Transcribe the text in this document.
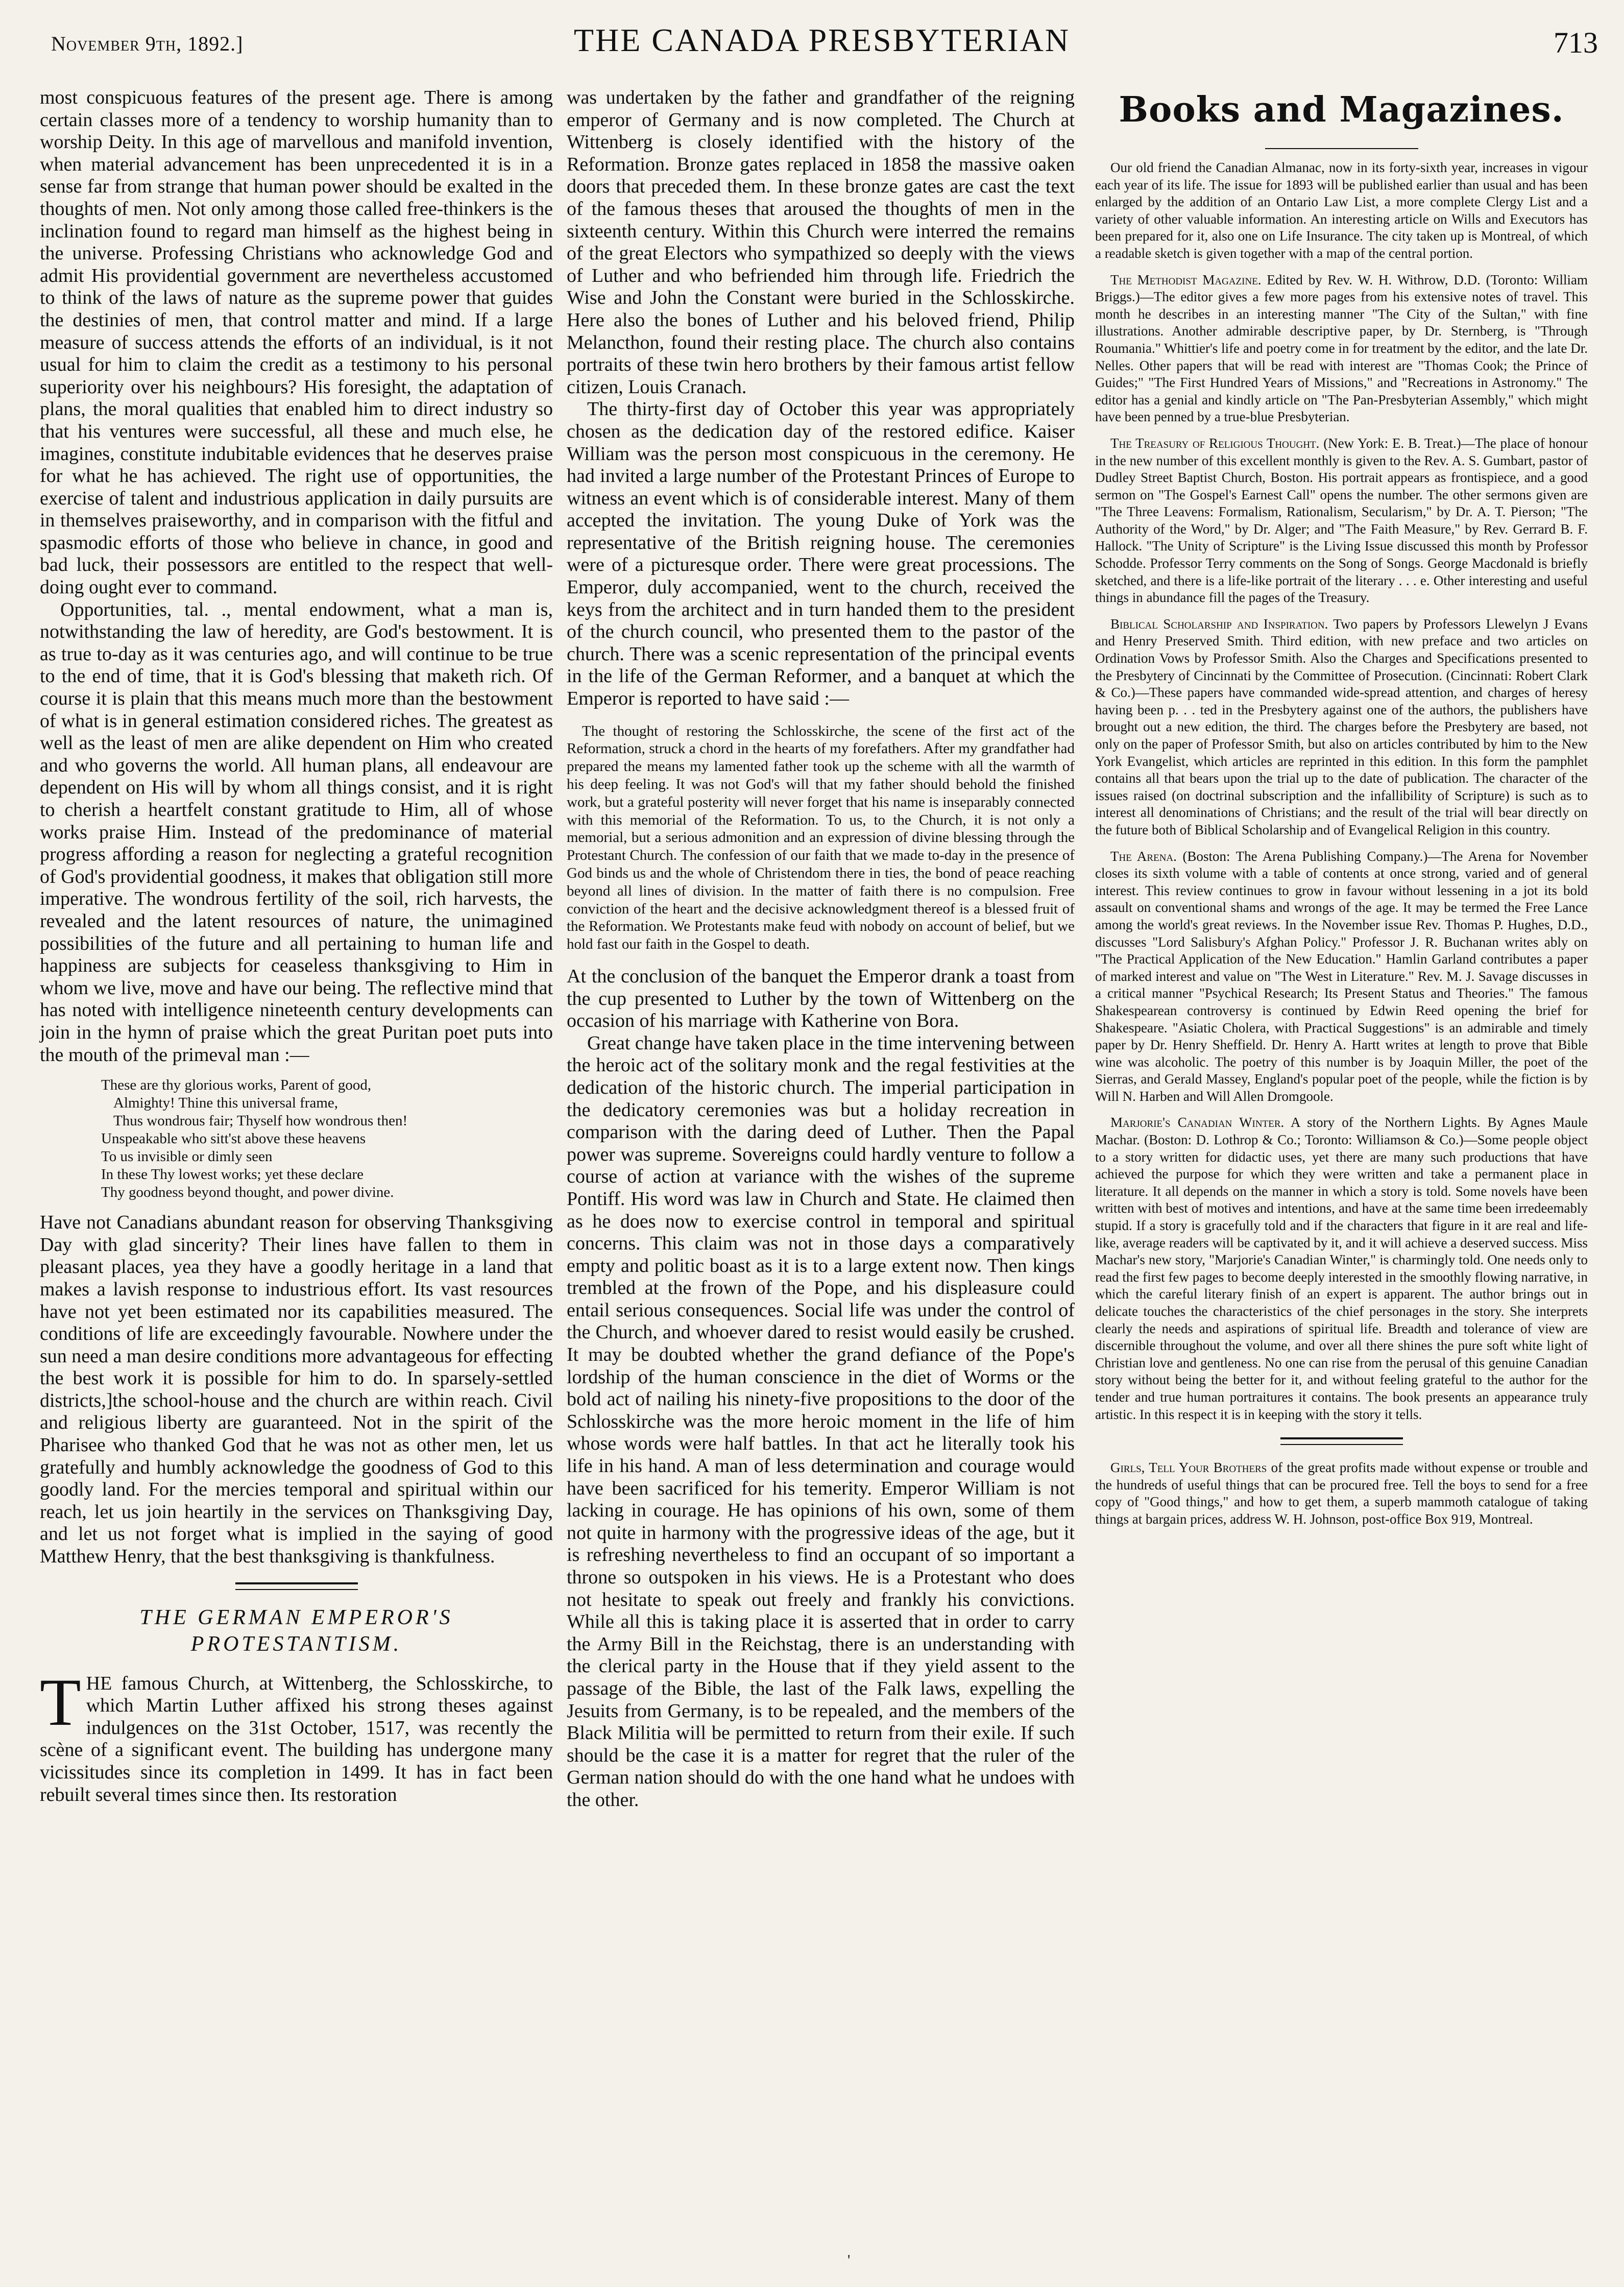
November 9th, 1892.]	THE CANADA PRESBYTERIAN	713

most conspicuous features of the present age. There is among certain classes more of a tendency to worship humanity than to worship Deity. In this age of marvellous and manifold invention, when material advancement has been unprecedented it is in a sense far from strange that human power should be exalted in the thoughts of men. Not only among those called free-thinkers is the inclination found to regard man himself as the highest being in the universe. Professing Christians who acknowledge God and admit His providential government are nevertheless accustomed to think of the laws of nature as the supreme power that guides the destinies of men, that control matter and mind. If a large measure of success attends the efforts of an individual, is it not usual for him to claim the credit as a testimony to his personal superiority over his neighbours? His foresight, the adaptation of plans, the moral qualities that enabled him to direct industry so that his ventures were successful, all these and much else, he imagines, constitute indubitable evidences that he deserves praise for what he has achieved. The right use of opportunities, the exercise of talent and industrious application in daily pursuits are in themselves praiseworthy, and in comparison with the fitful and spasmodic efforts of those who believe in chance, in good and bad luck, their possessors are entitled to the respect that well-doing ought ever to command.

Opportunities, tal. ., mental endowment, what a man is, notwithstanding the law of heredity, are God's bestowment. It is as true to-day as it was centuries ago, and will continue to be true to the end of time, that it is God's blessing that maketh rich. Of course it is plain that this means much more than the bestowment of what is in general estimation considered riches. The greatest as well as the least of men are alike dependent on Him who created and who governs the world. All human plans, all endeavour are dependent on His will by whom all things consist, and it is right to cherish a heartfelt constant gratitude to Him, all of whose works praise Him. Instead of the predominance of material progress affording a reason for neglecting a grateful recognition of God's providential goodness, it makes that obligation still more imperative. The wondrous fertility of the soil, rich harvests, the revealed and the latent resources of nature, the unimagined possibilities of the future and all pertaining to human life and happiness are subjects for ceaseless thanksgiving to Him in whom we live, move and have our being. The reflective mind that has noted with intelligence nineteenth century developments can join in the hymn of praise which the great Puritan poet puts into the mouth of the primeval man :—

These are thy glorious works, Parent of good,
Almighty! Thine this universal frame,
Thus wondrous fair; Thyself how wondrous then!
Unspeakable who sitt'st above these heavens
To us invisible or dimly seen
In these Thy lowest works; yet these declare
Thy goodness beyond thought, and power divine.

Have not Canadians abundant reason for observing Thanksgiving Day with glad sincerity? Their lines have fallen to them in pleasant places, yea they have a goodly heritage in a land that makes a lavish response to industrious effort. Its vast resources have not yet been estimated nor its capabilities measured. The conditions of life are exceedingly favourable. Nowhere under the sun need a man desire conditions more advantageous for effecting the best work it is possible for him to do. In sparsely-settled districts,]the school-house and the church are within reach. Civil and religious liberty are guaranteed. Not in the spirit of the Pharisee who thanked God that he was not as other men, let us gratefully and humbly acknowledge the goodness of God to this goodly land. For the mercies temporal and spiritual within our reach, let us join heartily in the services on Thanksgiving Day, and let us not forget what is implied in the saying of good Matthew Henry, that the best thanksgiving is thankfulness.

THE GERMAN EMPEROR'S PROTESTANTISM.

THE famous Church, at Wittenberg, the Schlosskirche, to which Martin Luther affixed his strong theses against indulgences on the 31st October, 1517, was recently the scène of a significant event. The building has undergone many vicissitudes since its completion in 1499. It has in fact been rebuilt several times since then. Its restoration

was undertaken by the father and grandfather of the reigning emperor of Germany and is now completed. The Church at Wittenberg is closely identified with the history of the Reformation. Bronze gates replaced in 1858 the massive oaken doors that preceded them. In these bronze gates are cast the text of the famous theses that aroused the thoughts of men in the sixteenth century. Within this Church were interred the remains of the great Electors who sympathized so deeply with the views of Luther and who befriended him through life. Friedrich the Wise and John the Constant were buried in the Schlosskirche. Here also the bones of Luther and his beloved friend, Philip Melancthon, found their resting place. The church also contains portraits of these twin hero brothers by their famous artist fellow citizen, Louis Cranach.

The thirty-first day of October this year was appropriately chosen as the dedication day of the restored edifice. Kaiser William was the person most conspicuous in the ceremony. He had invited a large number of the Protestant Princes of Europe to witness an event which is of considerable interest. Many of them accepted the invitation. The young Duke of York was the representative of the British reigning house. The ceremonies were of a picturesque order. There were great processions. The Emperor, duly accompanied, went to the church, received the keys from the architect and in turn handed them to the president of the church council, who presented them to the pastor of the church. There was a scenic representation of the principal events in the life of the German Reformer, and a banquet at which the Emperor is reported to have said :—

The thought of restoring the Schlosskirche, the scene of the first act of the Reformation, struck a chord in the hearts of my forefathers. After my grandfather had prepared the means my lamented father took up the scheme with all the warmth of his deep feeling. It was not God's will that my father should behold the finished work, but a grateful posterity will never forget that his name is inseparably connected with this memorial of the Reformation. To us, to the Church, it is not only a memorial, but a serious admonition and an expression of divine blessing through the Protestant Church. The confession of our faith that we made to-day in the presence of God binds us and the whole of Christendom there in ties, the bond of peace reaching beyond all lines of division. In the matter of faith there is no compulsion. Free conviction of the heart and the decisive acknowledgment thereof is a blessed fruit of the Reformation. We Protestants make feud with nobody on account of belief, but we hold fast our faith in the Gospel to death.

At the conclusion of the banquet the Emperor drank a toast from the cup presented to Luther by the town of Wittenberg on the occasion of his marriage with Katherine von Bora.

Great change have taken place in the time intervening between the heroic act of the solitary monk and the regal festivities at the dedication of the historic church. The imperial participation in the dedicatory ceremonies was but a holiday recreation in comparison with the daring deed of Luther. Then the Papal power was supreme. Sovereigns could hardly venture to follow a course of action at variance with the wishes of the supreme Pontiff. His word was law in Church and State. He claimed then as he does now to exercise control in temporal and spiritual concerns. This claim was not in those days a comparatively empty and politic boast as it is to a large extent now. Then kings trembled at the frown of the Pope, and his displeasure could entail serious consequences. Social life was under the control of the Church, and whoever dared to resist would easily be crushed. It may be doubted whether the grand defiance of the Pope's lordship of the human conscience in the diet of Worms or the bold act of nailing his ninety-five propositions to the door of the Schlosskirche was the more heroic moment in the life of him whose words were half battles. In that act he literally took his life in his hand. A man of less determination and courage would have been sacrificed for his temerity. Emperor William is not lacking in courage. He has opinions of his own, some of them not quite in harmony with the progressive ideas of the age, but it is refreshing nevertheless to find an occupant of so important a throne so outspoken in his views. He is a Protestant who does not hesitate to speak out freely and frankly his convictions. While all this is taking place it is asserted that in order to carry the Army Bill in the Reichstag, there is an understanding with the clerical party in the House that if they yield assent to the passage of the Bible, the last of the Falk laws, expelling the Jesuits from Germany, is to be repealed, and the members of the Black Militia will be permitted to return from their exile. If such should be the case it is a matter for regret that the ruler of the German nation should do with the one hand what he undoes with the other.

Books and Magazines.

Our old friend the Canadian Almanac, now in its forty-sixth year, increases in vigour each year of its life. The issue for 1893 will be published earlier than usual and has been enlarged by the addition of an Ontario Law List, a more complete Clergy List and a variety of other valuable information. An interesting article on Wills and Executors has been prepared for it, also one on Life Insurance. The city taken up is Montreal, of which a readable sketch is given together with a map of the central portion.

The Methodist Magazine. Edited by Rev. W. H. Withrow, D.D. (Toronto: William Briggs.)—The editor gives a few more pages from his extensive notes of travel. This month he describes in an interesting manner "The City of the Sultan," with fine illustrations. Another admirable descriptive paper, by Dr. Sternberg, is "Through Roumania." Whittier's life and poetry come in for treatment by the editor, and the late Dr. Nelles. Other papers that will be read with interest are "Thomas Cook; the Prince of Guides;" "The First Hundred Years of Missions," and "Recreations in Astronomy." The editor has a genial and kindly article on "The Pan-Presbyterian Assembly," which might have been penned by a true-blue Presbyterian.

The Treasury of Religious Thought. (New York: E. B. Treat.)—The place of honour in the new number of this excellent monthly is given to the Rev. A. S. Gumbart, pastor of Dudley Street Baptist Church, Boston. His portrait appears as frontispiece, and a good sermon on "The Gospel's Earnest Call" opens the number. The other sermons given are "The Three Leavens: Formalism, Rationalism, Secularism," by Dr. A. T. Pierson; "The Authority of the Word," by Dr. Alger; and "The Faith Measure," by Rev. Gerrard B. F. Hallock. "The Unity of Scripture" is the Living Issue discussed this month by Professor Schodde. Professor Terry comments on the Song of Songs. George Macdonald is briefly sketched, and there is a life-like portrait of the literary . . . e. Other interesting and useful things in abundance fill the pages of the Treasury.

Biblical Scholarship and Inspiration. Two papers by Professors Llewelyn J Evans and Henry Preserved Smith. Third edition, with new preface and two articles on Ordination Vows by Professor Smith. Also the Charges and Specifications presented to the Presbytery of Cincinnati by the Committee of Prosecution. (Cincinnati: Robert Clark & Co.)—These papers have commanded wide-spread attention, and charges of heresy having been p. . . ted in the Presbytery against one of the authors, the publishers have brought out a new edition, the third. The charges before the Presbytery are based, not only on the paper of Professor Smith, but also on articles contributed by him to the New York Evangelist, which articles are reprinted in this edition. In this form the pamphlet contains all that bears upon the trial up to the date of publication. The character of the issues raised (on doctrinal subscription and the infallibility of Scripture) is such as to interest all denominations of Christians; and the result of the trial will bear directly on the future both of Biblical Scholarship and of Evangelical Religion in this country.

The Arena. (Boston: The Arena Publishing Company.)—The Arena for November closes its sixth volume with a table of contents at once strong, varied and of general interest. This review continues to grow in favour without lessening in a jot its bold assault on conventional shams and wrongs of the age. It may be termed the Free Lance among the world's great reviews. In the November issue Rev. Thomas P. Hughes, D.D., discusses "Lord Salisbury's Afghan Policy." Professor J. R. Buchanan writes ably on "The Practical Application of the New Education." Hamlin Garland contributes a paper of marked interest and value on "The West in Literature." Rev. M. J. Savage discusses in a critical manner "Psychical Research; Its Present Status and Theories." The famous Shakespearean controversy is continued by Edwin Reed opening the brief for Shakespeare. "Asiatic Cholera, with Practical Suggestions" is an admirable and timely paper by Dr. Henry Sheffield. Dr. Henry A. Hartt writes at length to prove that Bible wine was alcoholic. The poetry of this number is by Joaquin Miller, the poet of the Sierras, and Gerald Massey, England's popular poet of the people, while the fiction is by Will N. Harben and Will Allen Dromgoole.

Marjorie's Canadian Winter. A story of the Northern Lights. By Agnes Maule Machar. (Boston: D. Lothrop & Co.; Toronto: Williamson & Co.)—Some people object to a story written for didactic uses, yet there are many such productions that have achieved the purpose for which they were written and take a permanent place in literature. It all depends on the manner in which a story is told. Some novels have been written with best of motives and intentions, and have at the same time been irredeemably stupid. If a story is gracefully told and if the characters that figure in it are real and life-like, average readers will be captivated by it, and it will achieve a deserved success. Miss Machar's new story, "Marjorie's Canadian Winter," is charmingly told. One needs only to read the first few pages to become deeply interested in the smoothly flowing narrative, in which the careful literary finish of an expert is apparent. The author brings out in delicate touches the characteristics of the chief personages in the story. She interprets clearly the needs and aspirations of spiritual life. Breadth and tolerance of view are discernible throughout the volume, and over all there shines the pure soft white light of Christian love and gentleness. No one can rise from the perusal of this genuine Canadian story without being the better for it, and without feeling grateful to the author for the tender and true human portraitures it contains. The book presents an appearance truly artistic. In this respect it is in keeping with the story it tells.

Girls, Tell Your Brothers of the great profits made without expense or trouble and the hundreds of useful things that can be procured free. Tell the boys to send for a free copy of "Good things," and how to get them, a superb mammoth catalogue of taking things at bargain prices, address W. H. Johnson, post-office Box 919, Montreal.

'
